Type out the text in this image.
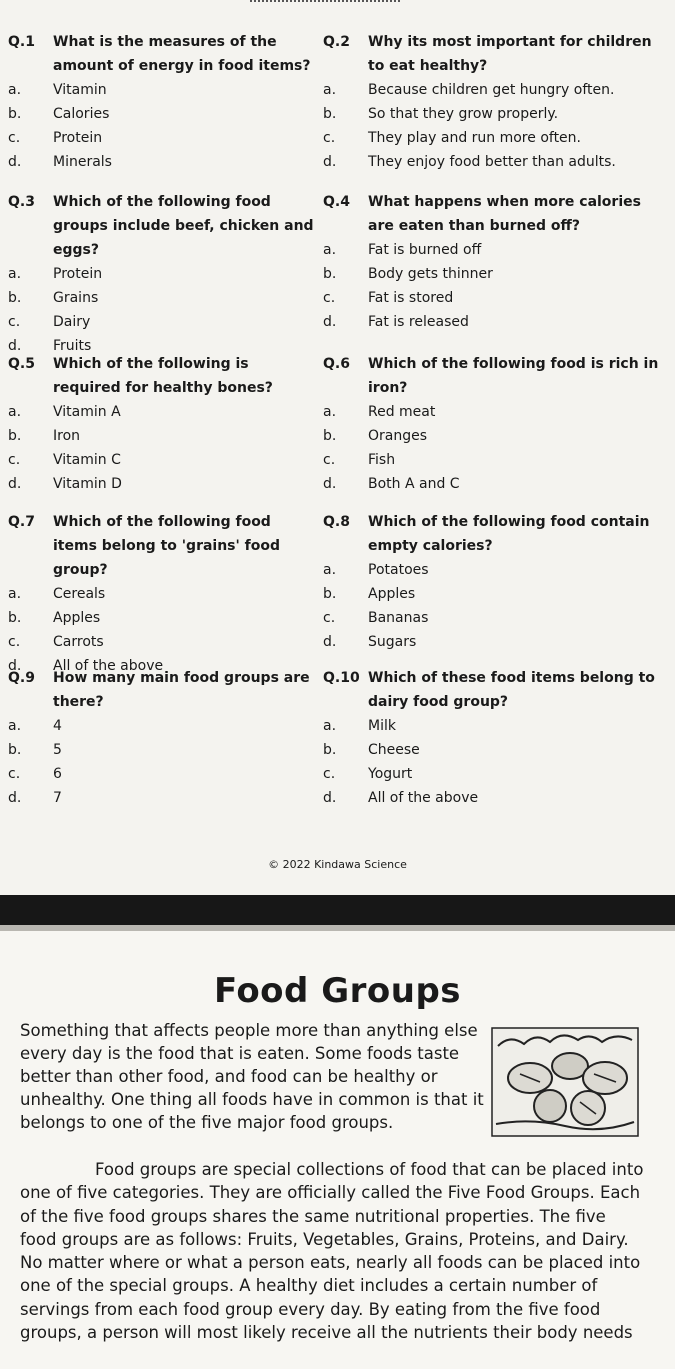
Q.1	What is the measures of the amount of energy in food items?
a.	Vitamin
b.	Calories
c.	Protein
d.	Minerals
Q.2	Why its most important for children to eat healthy?
a.	Because children get hungry often.
b.	So that they grow properly.
c.	They play and run more often.
d.	They enjoy food better than adults.
Q.3	Which of the following food groups include beef, chicken and eggs?
a.	Protein
b.	Grains
c.	Dairy
d.	Fruits
Q.4	What happens when more calories are eaten than burned off?
a.	Fat is burned off
b.	Body gets thinner
c.	Fat is stored
d.	Fat is released
Q.5	Which of the following is required for healthy bones?
a.	Vitamin A
b.	Iron
c.	Vitamin C
d.	Vitamin D
Q.6	Which of the following food is rich in iron?
a.	Red meat
b.	Oranges
c.	Fish
d.	Both A and C
Q.7	Which of the following food items belong to 'grains' food group?
a.	Cereals
b.	Apples
c.	Carrots
d.	All of the above
Q.8	Which of the following food contain empty calories?
a.	Potatoes
b.	Apples
c.	Bananas
d.	Sugars
Q.9	How many main food groups are there?
a.	4
b.	5
c.	6
d.	7
Q.10 Which of these food items belong to dairy food group?
a.	Milk
b.	Cheese
c.	Yogurt
d.	All of the above
© 2022 Kindawa Science
Food Groups
Something that affects people more than anything else
every day is the food that is eaten. Some foods taste
better than other food, and food can be healthy or
unhealthy. One thing all foods have in common is that it
belongs to one of the five major food groups.
Food groups are special collections of food that can be placed into
one of five categories. They are officially called the Five Food Groups. Each
of the five food groups shares the same nutritional properties. The five
food groups are as follows: Fruits, Vegetables, Grains, Proteins, and Dairy.
No matter where or what a person eats, nearly all foods can be placed into
one of the special groups. A healthy diet includes a certain number of
servings from each food group every day. By eating from the five food
groups, a person will most likely receive all the nutrients their body needs
